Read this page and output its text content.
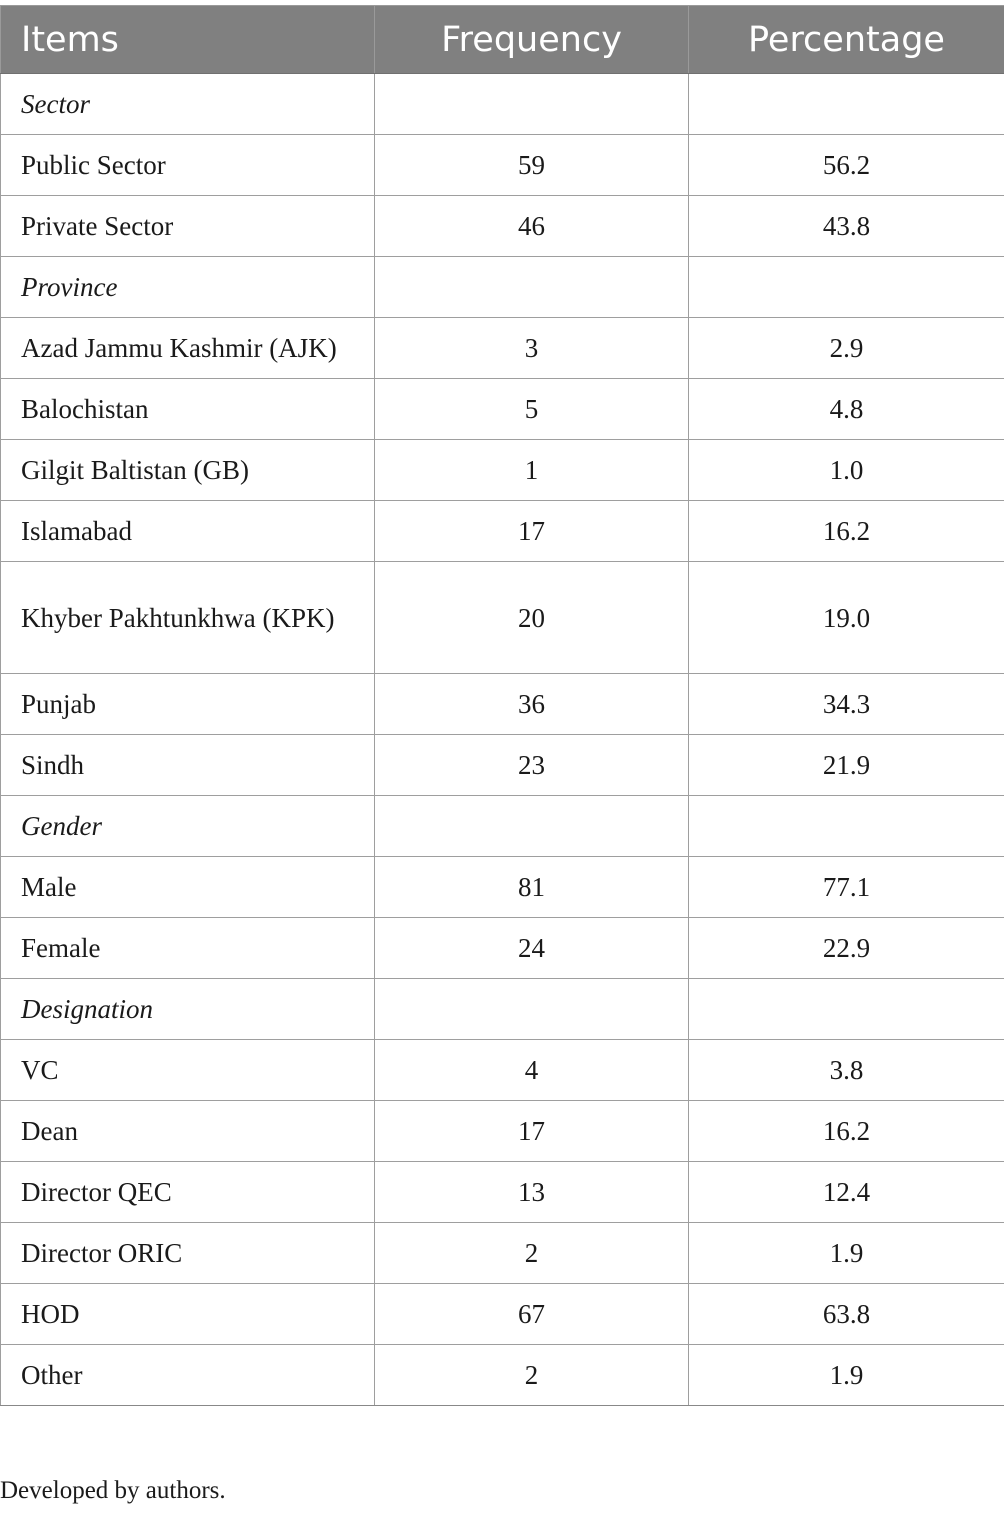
Items	Frequency	Percentage
Sector		
Public Sector	59	56.2
Private Sector	46	43.8
Province		
Azad Jammu Kashmir (AJK)	3	2.9
Balochistan	5	4.8
Gilgit Baltistan (GB)	1	1.0
Islamabad	17	16.2
Khyber Pakhtunkhwa (KPK)	20	19.0
Punjab	36	34.3
Sindh	23	21.9
Gender		
Male	81	77.1
Female	24	22.9
Designation		
VC	4	3.8
Dean	17	16.2
Director QEC	13	12.4
Director ORIC	2	1.9
HOD	67	63.8
Other	2	1.9
Developed by authors.
